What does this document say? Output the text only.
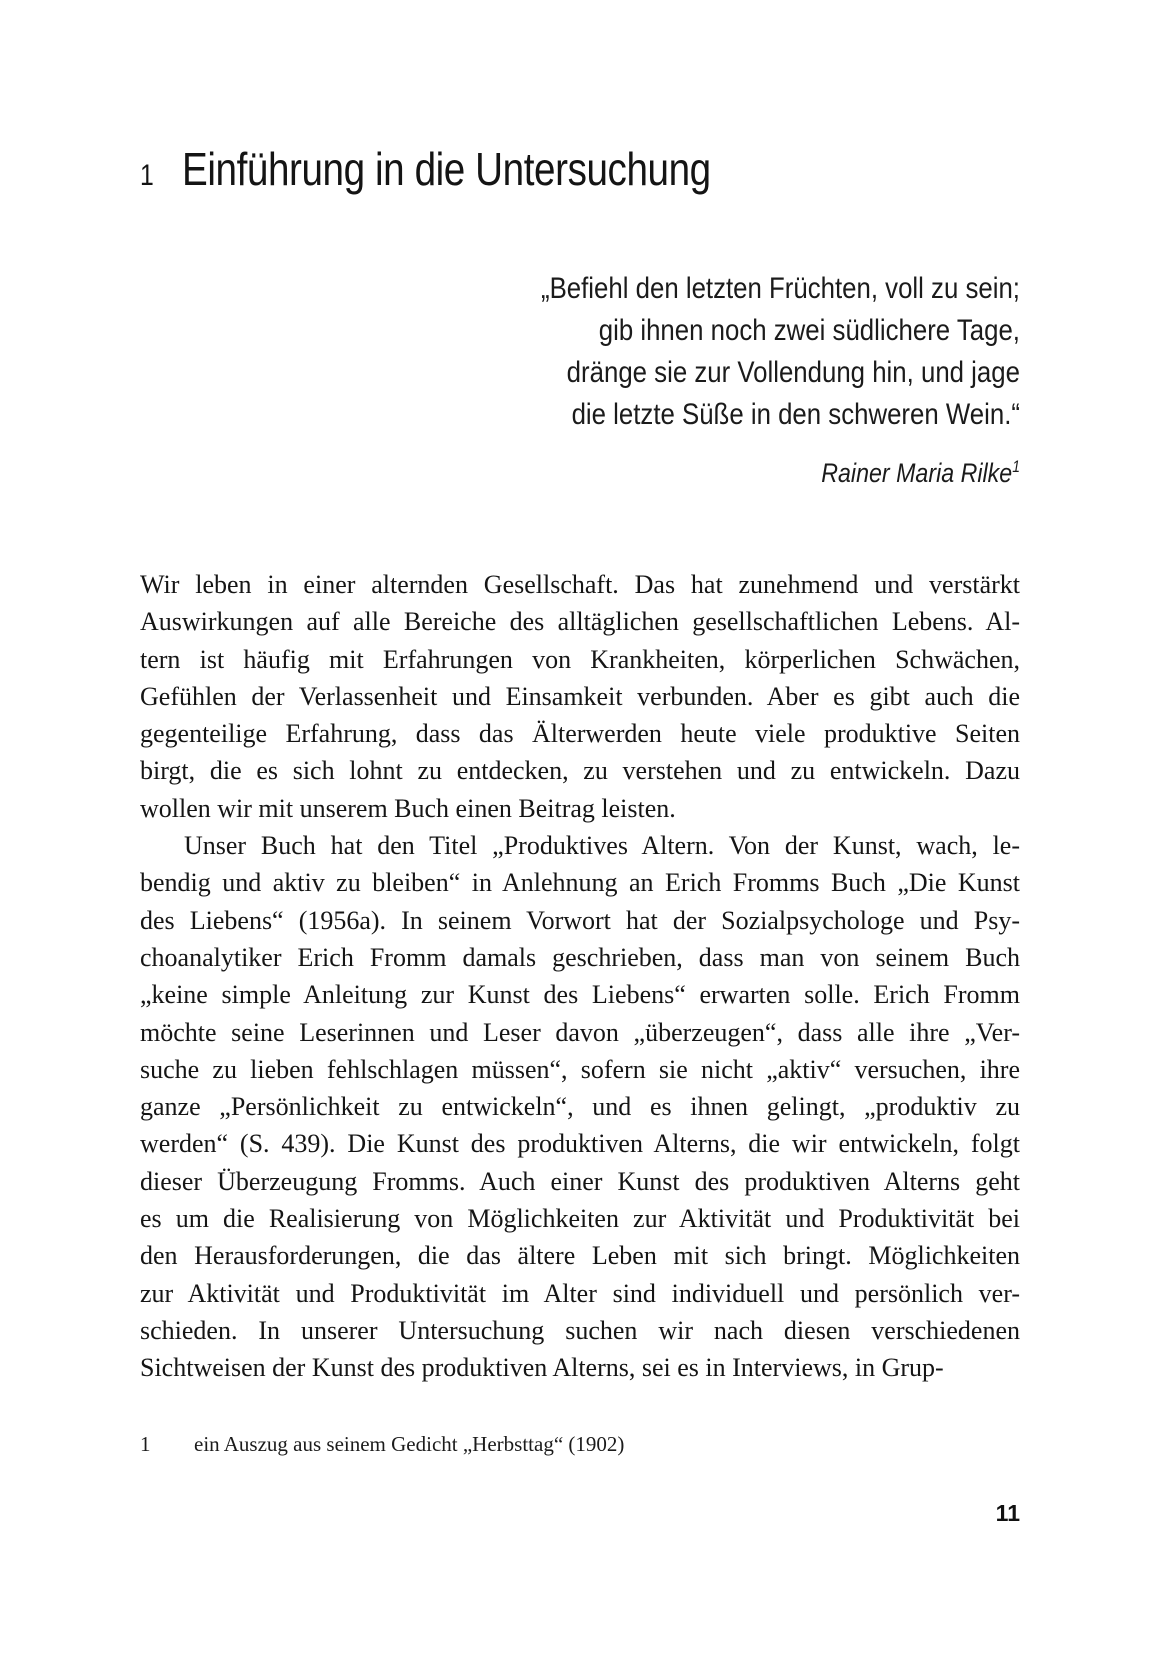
1 Einführung in die Untersuchung
„Befiehl den letzten Früchten, voll zu sein;
gib ihnen noch zwei südlichere Tage,
dränge sie zur Vollendung hin, und jage
die letzte Süße in den schweren Wein.“
Rainer Maria Rilke$^1$
Wir leben in einer alternden Gesellschaft. Das hat zunehmend und verstärkt
Auswirkungen auf alle Bereiche des alltäglichen gesellschaftlichen Lebens. Al-
tern ist häufig mit Erfahrungen von Krankheiten, körperlichen Schwächen,
Gefühlen der Verlassenheit und Einsamkeit verbunden. Aber es gibt auch die
gegenteilige Erfahrung, dass das Älterwerden heute viele produktive Seiten
birgt, die es sich lohnt zu entdecken, zu verstehen und zu entwickeln. Dazu
wollen wir mit unserem Buch einen Beitrag leisten.
Unser Buch hat den Titel „Produktives Altern. Von der Kunst, wach, le-
bendig und aktiv zu bleiben“ in Anlehnung an Erich Fromms Buch „Die Kunst
des Liebens“ (1956a). In seinem Vorwort hat der Sozialpsychologe und Psy-
choanalytiker Erich Fromm damals geschrieben, dass man von seinem Buch
„keine simple Anleitung zur Kunst des Liebens“ erwarten solle. Erich Fromm
möchte seine Leserinnen und Leser davon „überzeugen“, dass alle ihre „Ver-
suche zu lieben fehlschlagen müssen“, sofern sie nicht „aktiv“ versuchen, ihre
ganze „Persönlichkeit zu entwickeln“, und es ihnen gelingt, „produktiv zu
werden“ (S. 439). Die Kunst des produktiven Alterns, die wir entwickeln, folgt
dieser Überzeugung Fromms. Auch einer Kunst des produktiven Alterns geht
es um die Realisierung von Möglichkeiten zur Aktivität und Produktivität bei
den Herausforderungen, die das ältere Leben mit sich bringt. Möglichkeiten
zur Aktivität und Produktivität im Alter sind individuell und persönlich ver-
schieden. In unserer Untersuchung suchen wir nach diesen verschiedenen
Sichtweisen der Kunst des produktiven Alterns, sei es in Interviews, in Grup-
1 ein Auszug aus seinem Gedicht „Herbsttag“ (1902)
11
